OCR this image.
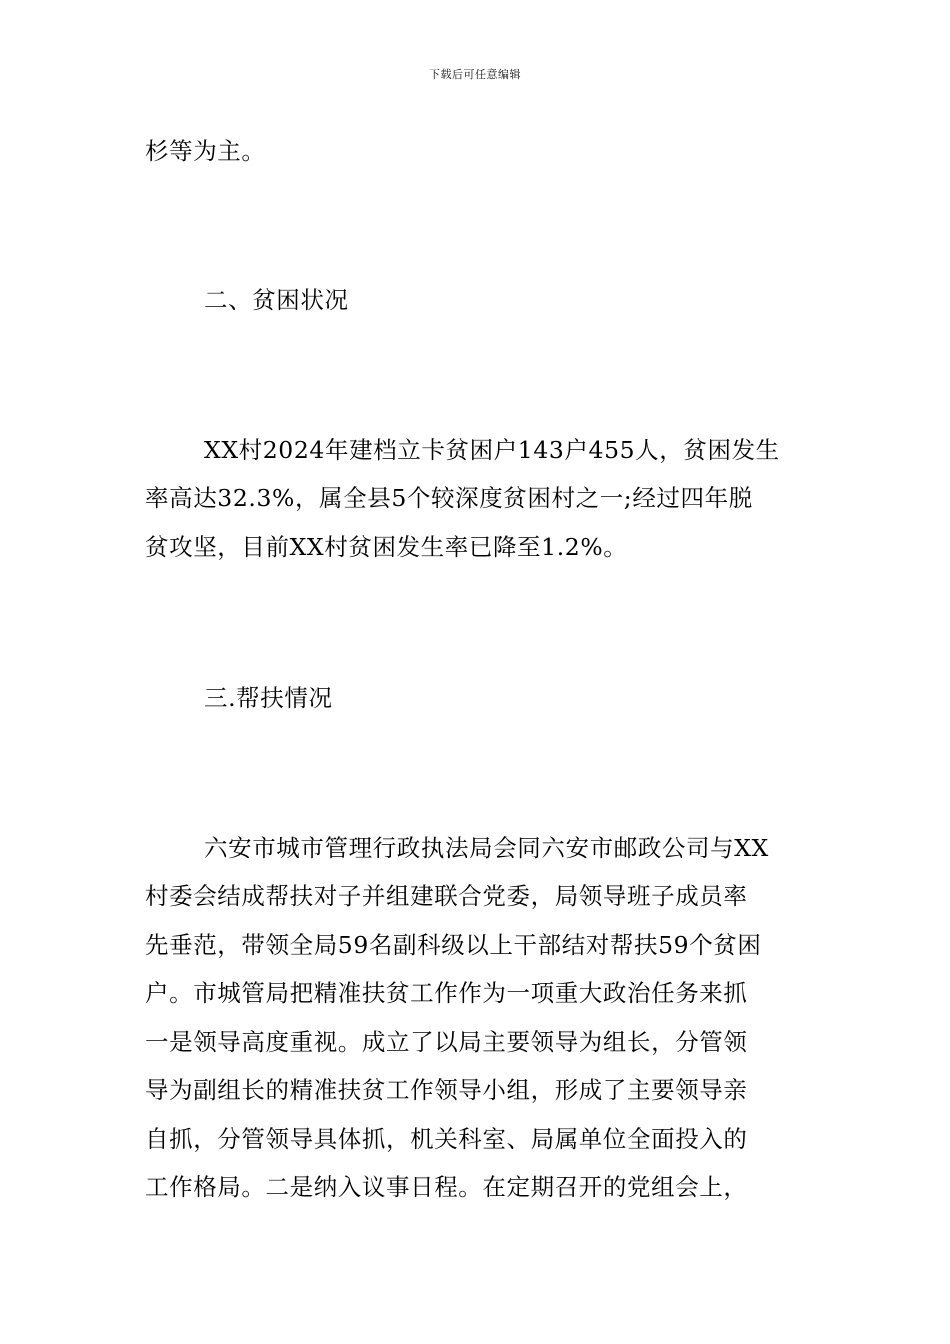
下载后可任意编辑
杉等为主。
二、贫困状况
XX村2024年建档立卡贫困户143户455人，贫困发生
率高达32.3%，属全县5个较深度贫困村之一;经过四年脱
贫攻坚，目前XX村贫困发生率已降至1.2%。
三.帮扶情况
六安市城市管理行政执法局会同六安市邮政公司与XX
村委会结成帮扶对子并组建联合党委，局领导班子成员率
先垂范，带领全局59名副科级以上干部结对帮扶59个贫困
户。市城管局把精准扶贫工作作为一项重大政治任务来抓
一是领导高度重视。成立了以局主要领导为组长，分管领
导为副组长的精准扶贫工作领导小组，形成了主要领导亲
自抓，分管领导具体抓，机关科室、局属单位全面投入的
工作格局。二是纳入议事日程。在定期召开的党组会上，
